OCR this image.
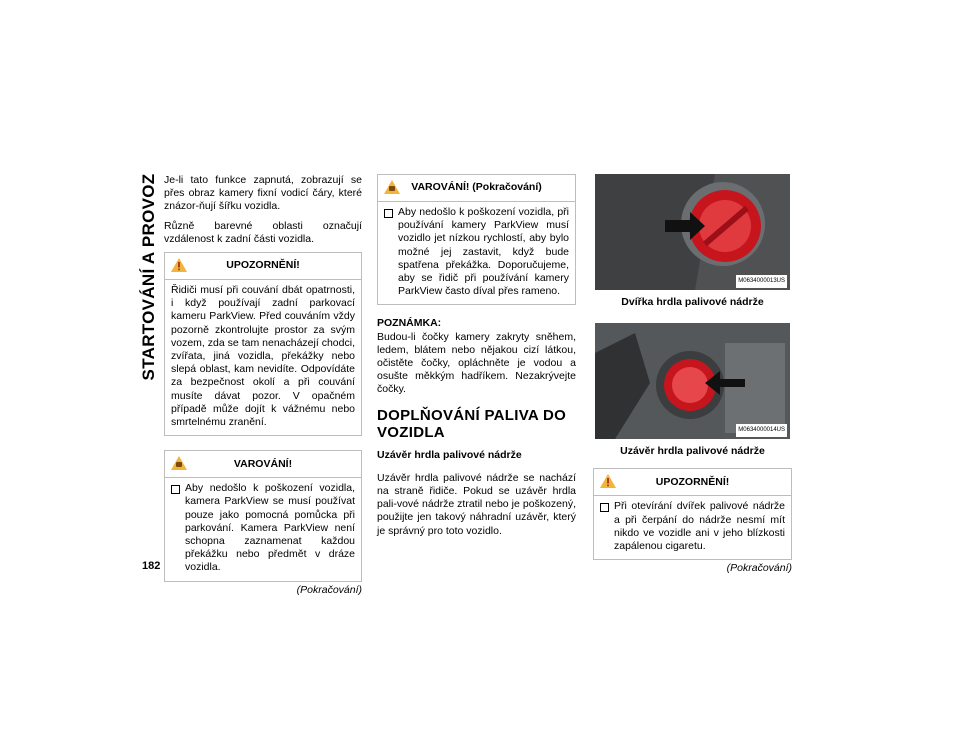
STARTOVÁNÍ A PROVOZ Je-li tato funkce zapnutá, zobrazují se přes obraz kamery fixní vodicí čáry, které znázor-ňují šířku vozidla.

Různě barevné oblasti označují vzdálenost k zadní části vozidla.

UPOZORNĚNÍ!
Řidiči musí při couvání dbát opatrnosti, i když používají zadní parkovací kameru ParkView. Před couváním vždy pozorně zkontrolujte prostor za svým vozem, zda se tam nenacházejí chodci, zvířata, jiná vozidla, překážky nebo slepá oblast, kam nevidíte. Odpovídáte za bezpečnost okolí a při couvání musíte dávat pozor. V opačném případě může dojít k vážnému nebo smrtelnému zranění.
VAROVÁNÍ!
Aby nedošlo k poškození vozidla, kamera ParkView se musí používat pouze jako pomocná pomůcka při parkování. Kamera ParkView není schopna zaznamenat každou překážku nebo předmět v dráze vozidla.
(Pokračování)
VAROVÁNÍ! (Pokračování)
Aby nedošlo k poškození vozidla, při používání kamery ParkView musí vozidlo jet nízkou rychlostí, aby bylo možné jej zastavit, když bude spatřena překážka. Doporučujeme, aby se řidič při používání kamery ParkView často díval přes rameno.
POZNÁMKA:

Budou-li čočky kamery zakryty sněhem, ledem, blátem nebo nějakou cizí látkou, očistěte čočky, opláchněte je vodou a osušte měkkým hadříkem. Nezakrývejte čočky.

DOPLŇOVÁNÍ PALIVA DO VOZIDLA
Uzávěr hrdla palivové nádrže

Uzávěr hrdla palivové nádrže se nachází na straně řidiče. Pokud se uzávěr hrdla pali-vové nádrže ztratil nebo je poškozený, použijte jen takový náhradní uzávěr, který je správný pro toto vozidlo.

M0634000013US
Dvířka hrdla palivové nádrže
M0634000014US
Uzávěr hrdla palivové nádrže
UPOZORNĚNÍ!
Při otevírání dvířek palivové nádrže a při čerpání do nádrže nesmí mít nikdo ve vozidle ani v jeho blízkosti zapálenou cigaretu.
(Pokračování)
182
